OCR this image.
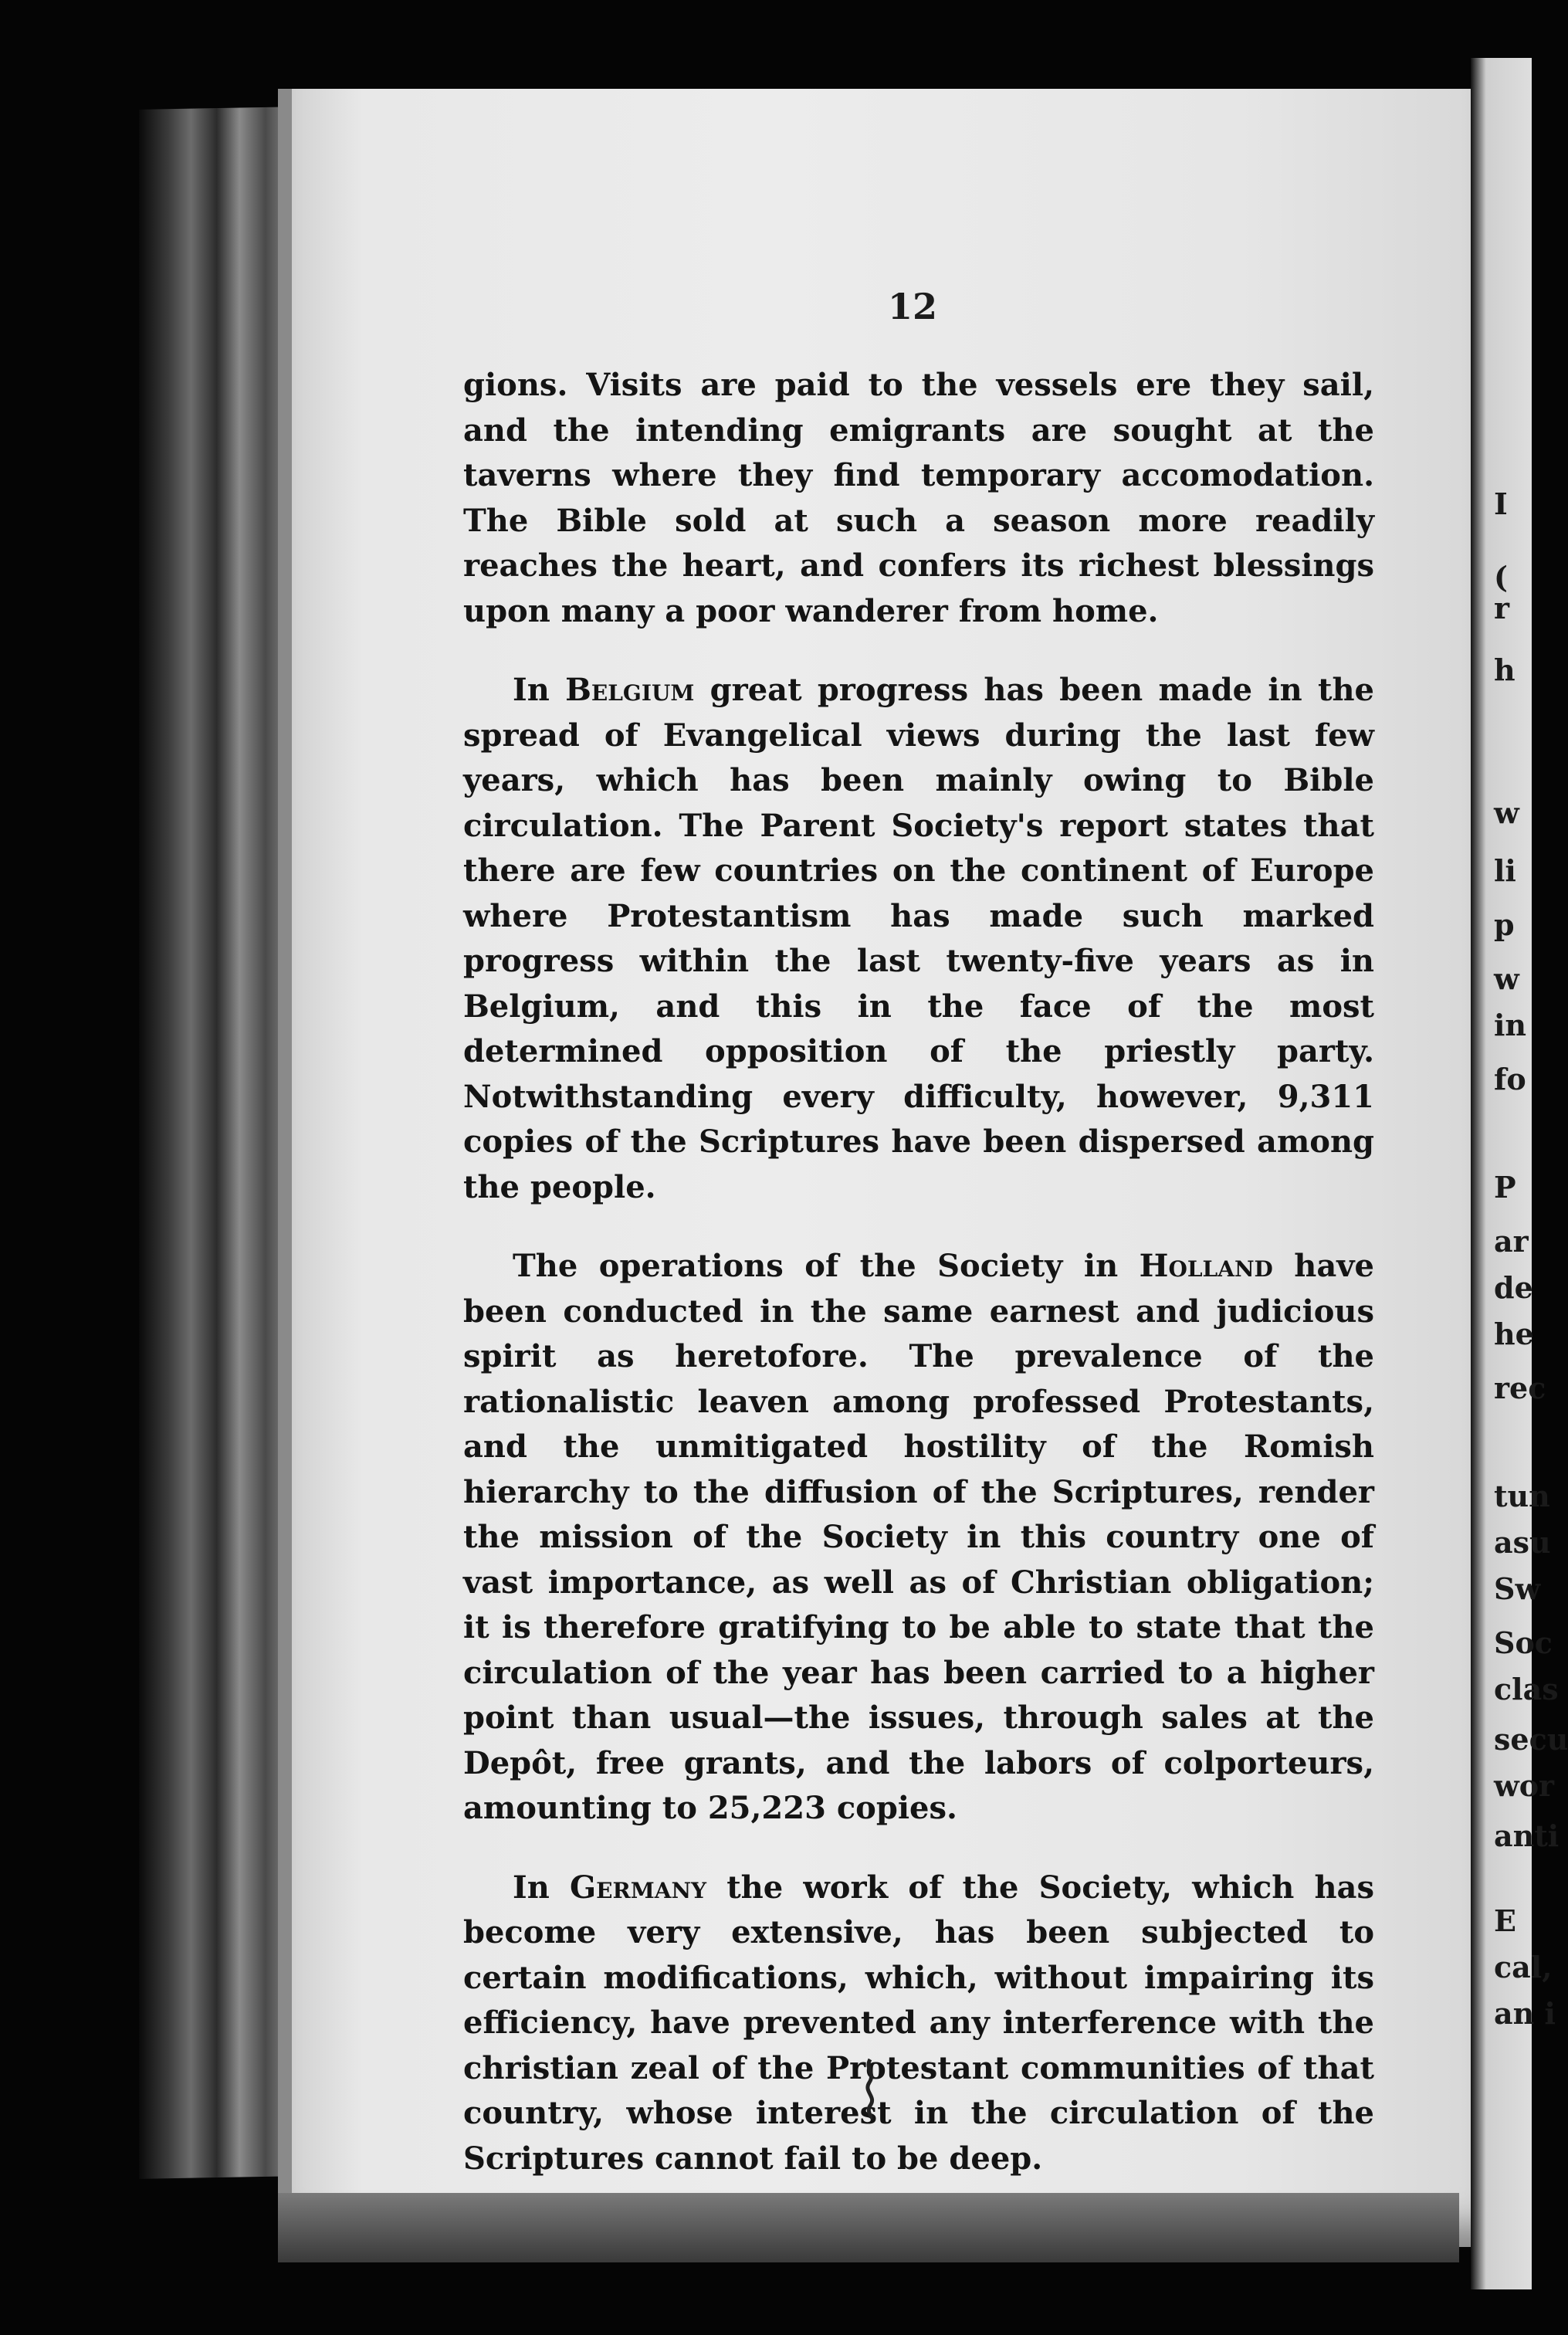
I
(
r
h
w
li
p
w
in
fo
P
ar
de
he
rec
tun
asu
Sw
Soc
clas
secu
wor
anti
E
cal,
an i
12

gions. Visits are paid to the vessels ere they sail, and the intending emigrants are sought at the taverns where they find temporary accomodation. The Bible sold at such a season more readily reaches the heart, and confers its richest blessings upon many a poor wanderer from home.

In Belgium great progress has been made in the spread of Evangelical views during the last few years, which has been mainly owing to Bible circulation. The Parent Society's report states that there are few countries on the continent of Europe where Protestantism has made such marked progress within the last twenty-five years as in Belgium, and this in the face of the most determined opposition of the priestly party. Notwithstanding every difficulty, however, 9,311 copies of the Scriptures have been dispersed among the people.

The operations of the Society in Holland have been conducted in the same earnest and judicious spirit as heretofore. The prevalence of the rationalistic leaven among professed Protestants, and the unmitigated hostility of the Romish hierarchy to the diffusion of the Scriptures, render the mission of the Society in this country one of vast importance, as well as of Christian obligation; it is therefore gratifying to be able to state that the circulation of the year has been carried to a higher point than usual—the issues, through sales at the Depôt, free grants, and the labors of colporteurs, amounting to 25,223 copies.

In Germany the work of the Society, which has become very extensive, has been subjected to certain modifications, which, without impairing its efficiency, have prevented any interference with the christian zeal of the Protestant communities of that country, whose interest in the circulation of the Scriptures cannot fail to be deep.
